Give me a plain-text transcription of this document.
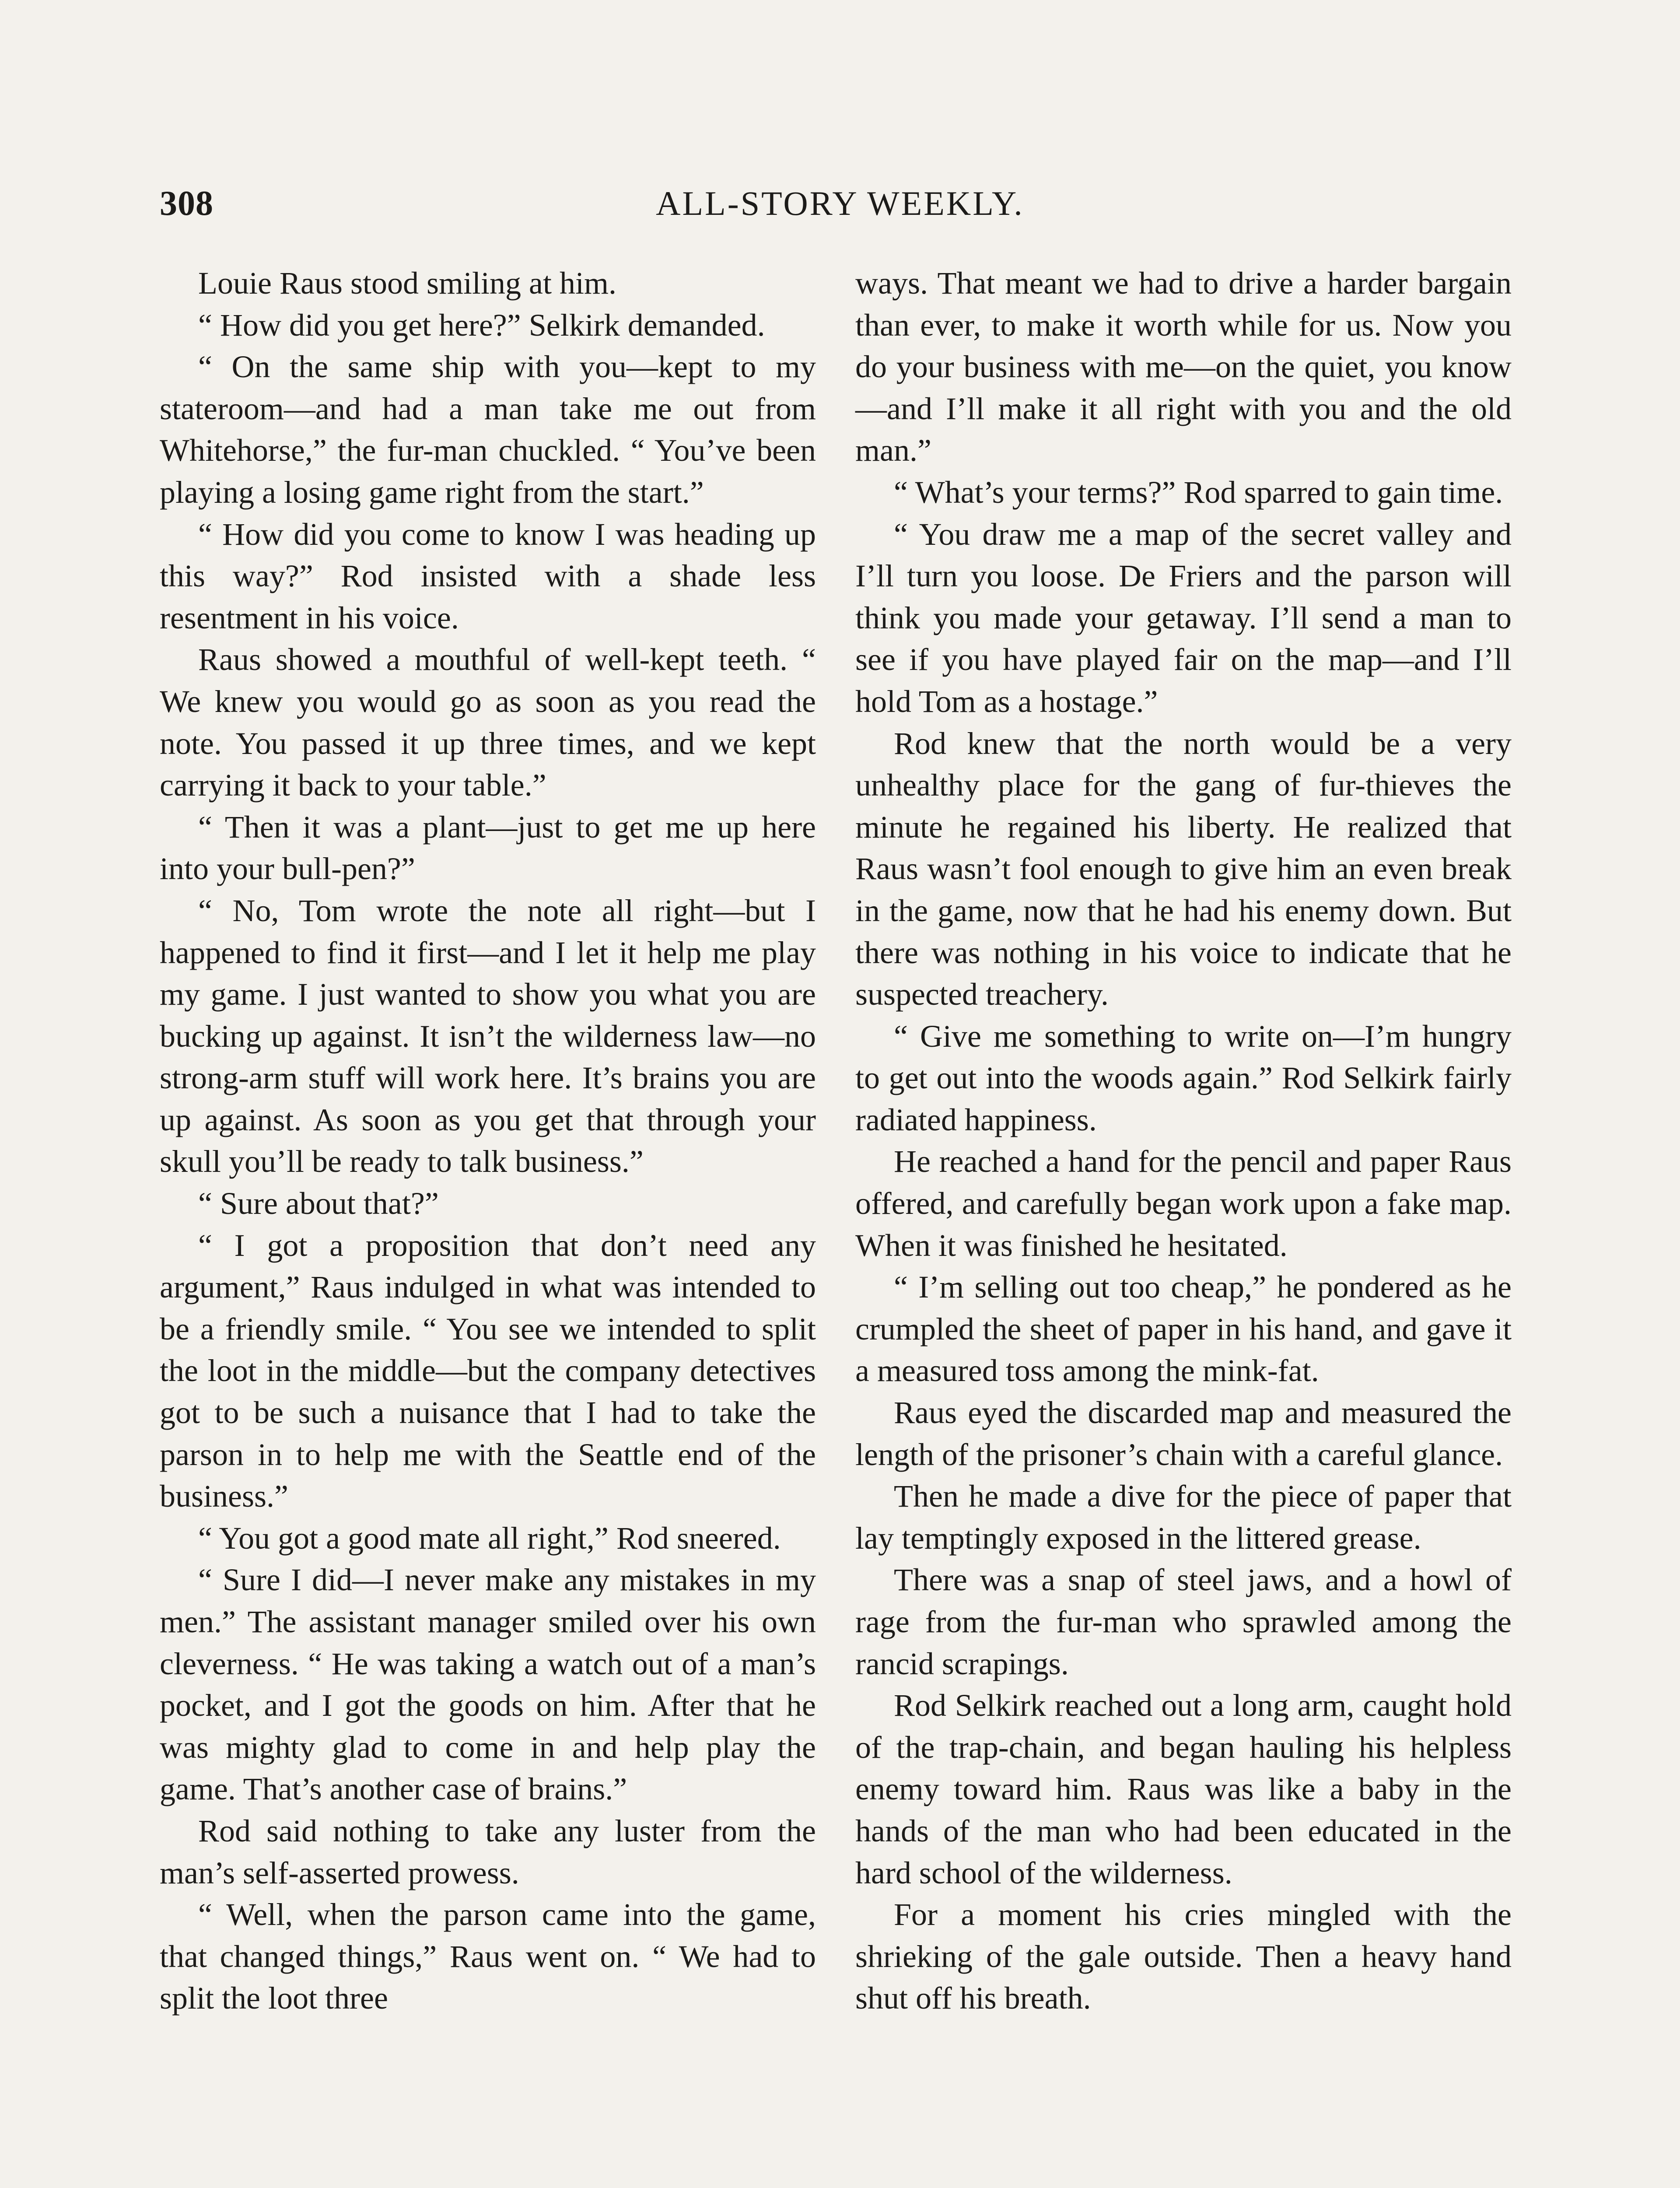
308	ALL-STORY WEEKLY.

Louie Raus stood smiling at him.

“ How did you get here?” Selkirk demanded.

“ On the same ship with you—kept to my stateroom—and had a man take me out from Whitehorse,” the fur-man chuckled. “ You’ve been playing a losing game right from the start.”

“ How did you come to know I was heading up this way?” Rod insisted with a shade less resentment in his voice.

Raus showed a mouthful of well-kept teeth. “ We knew you would go as soon as you read the note. You passed it up three times, and we kept carrying it back to your table.”

“ Then it was a plant—just to get me up here into your bull-pen?”

“ No, Tom wrote the note all right—but I happened to find it first—and I let it help me play my game. I just wanted to show you what you are bucking up against. It isn’t the wilderness law—no strong-arm stuff will work here. It’s brains you are up against. As soon as you get that through your skull you’ll be ready to talk business.”

“ Sure about that?”

“ I got a proposition that don’t need any argument,” Raus indulged in what was intended to be a friendly smile. “ You see we intended to split the loot in the middle—but the company detectives got to be such a nuisance that I had to take the parson in to help me with the Seattle end of the business.”

“ You got a good mate all right,” Rod sneered.

“ Sure I did—I never make any mistakes in my men.” The assistant manager smiled over his own cleverness. “ He was taking a watch out of a man’s pocket, and I got the goods on him. After that he was mighty glad to come in and help play the game. That’s another case of brains.”

Rod said nothing to take any luster from the man’s self-asserted prowess.

“ Well, when the parson came into the game, that changed things,” Raus went on. “ We had to split the loot three

ways. That meant we had to drive a harder bargain than ever, to make it worth while for us. Now you do your business with me—on the quiet, you know—and I’ll make it all right with you and the old man.”

“ What’s your terms?” Rod sparred to gain time.

“ You draw me a map of the secret valley and I’ll turn you loose. De Friers and the parson will think you made your getaway. I’ll send a man to see if you have played fair on the map—and I’ll hold Tom as a hostage.”

Rod knew that the north would be a very unhealthy place for the gang of fur-thieves the minute he regained his liberty. He realized that Raus wasn’t fool enough to give him an even break in the game, now that he had his enemy down. But there was nothing in his voice to indicate that he suspected treachery.

“ Give me something to write on—I’m hungry to get out into the woods again.” Rod Selkirk fairly radiated happiness.

He reached a hand for the pencil and paper Raus offered, and carefully began work upon a fake map. When it was finished he hesitated.

“ I’m selling out too cheap,” he pondered as he crumpled the sheet of paper in his hand, and gave it a measured toss among the mink-fat.

Raus eyed the discarded map and measured the length of the prisoner’s chain with a careful glance.

Then he made a dive for the piece of paper that lay temptingly exposed in the littered grease.

There was a snap of steel jaws, and a howl of rage from the fur-man who sprawled among the rancid scrapings.

Rod Selkirk reached out a long arm, caught hold of the trap-chain, and began hauling his helpless enemy toward him. Raus was like a baby in the hands of the man who had been educated in the hard school of the wilderness.

For a moment his cries mingled with the shrieking of the gale outside. Then a heavy hand shut off his breath.
